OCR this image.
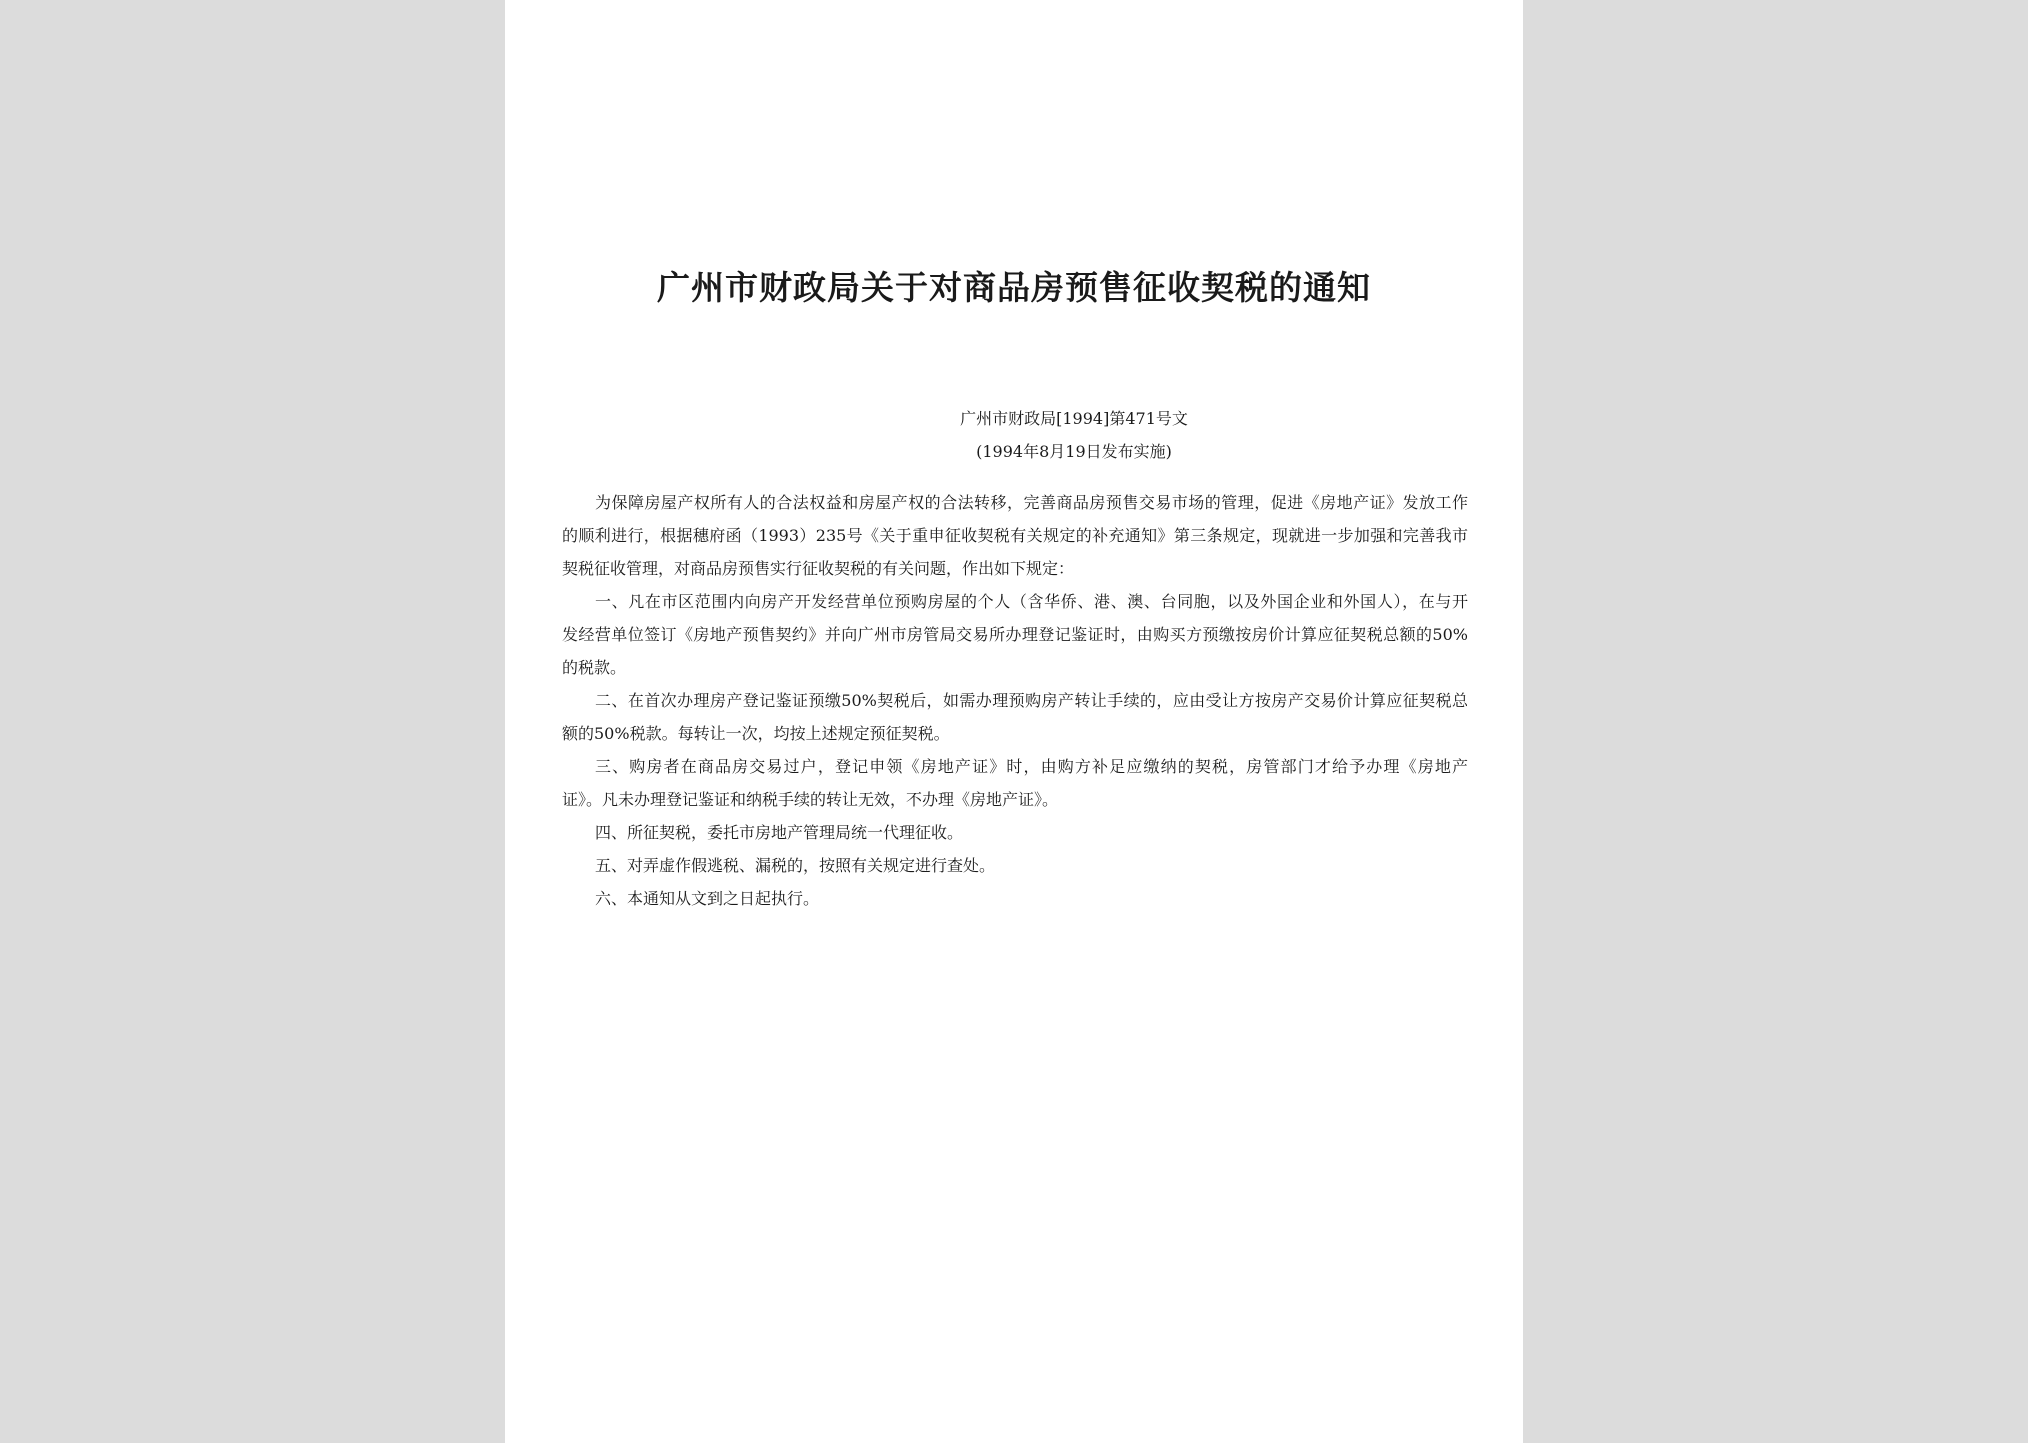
广州市财政局关于对商品房预售征收契税的通知
广州市财政局[1994]第471号文
(1994年8月19日发布实施)
为保障房屋产权所有人的合法权益和房屋产权的合法转移，完善商品房预售交易市场的管理，促进《房地产证》发放工作
的顺利进行，根据穗府函（1993）235号《关于重申征收契税有关规定的补充通知》第三条规定，现就进一步加强和完善我市
契税征收管理，对商品房预售实行征收契税的有关问题，作出如下规定：
一、凡在市区范围内向房产开发经营单位预购房屋的个人（含华侨、港、澳、台同胞，以及外国企业和外国人），在与开
发经营单位签订《房地产预售契约》并向广州市房管局交易所办理登记鉴证时，由购买方预缴按房价计算应征契税总额的50%
的税款。
二、在首次办理房产登记鉴证预缴50%契税后，如需办理预购房产转让手续的，应由受让方按房产交易价计算应征契税总
额的50%税款。每转让一次，均按上述规定预征契税。
三、购房者在商品房交易过户，登记申领《房地产证》时，由购方补足应缴纳的契税，房管部门才给予办理《房地产
证》。凡未办理登记鉴证和纳税手续的转让无效，不办理《房地产证》。
四、所征契税，委托市房地产管理局统一代理征收。
五、对弄虚作假逃税、漏税的，按照有关规定进行查处。
六、本通知从文到之日起执行。
